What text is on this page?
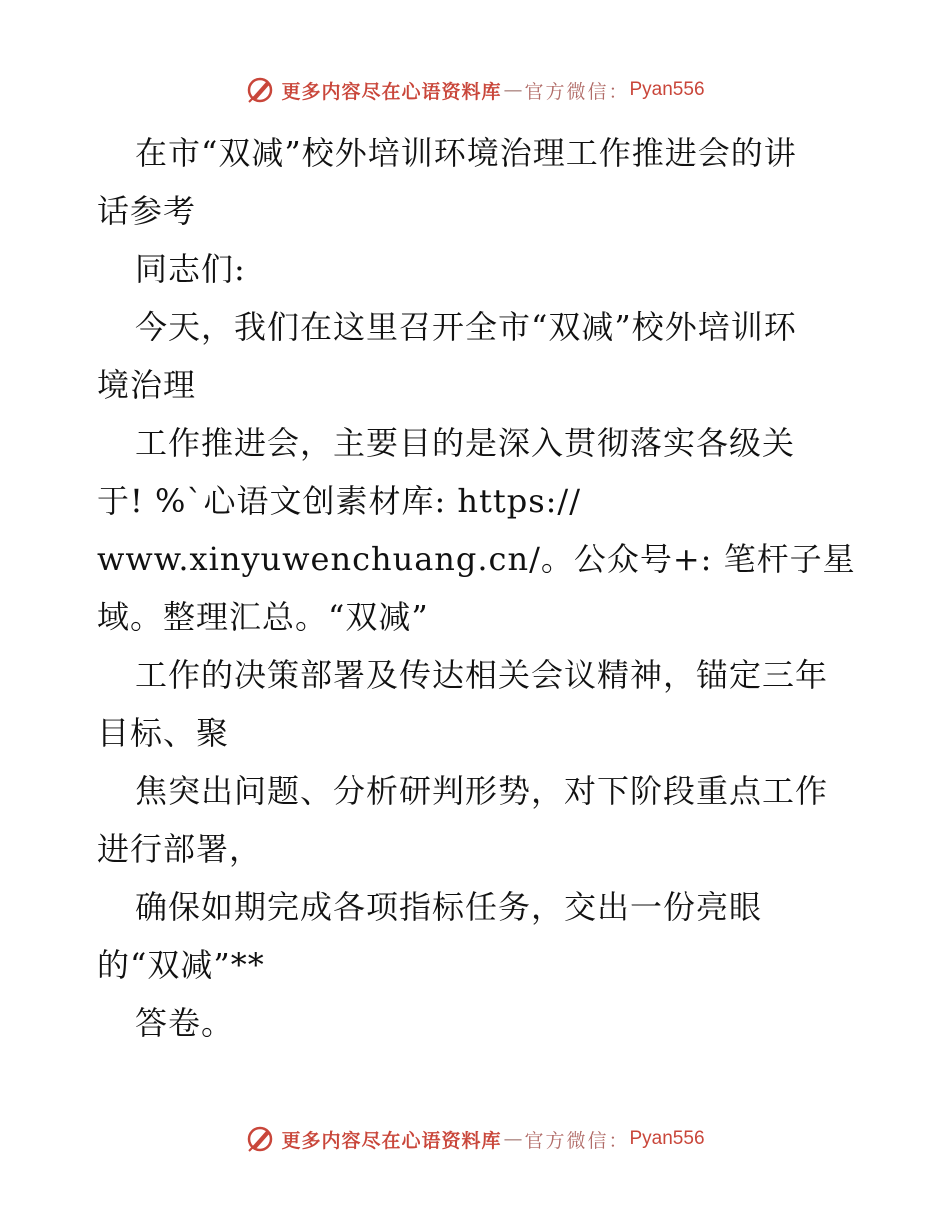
更多内容尽在心语资料库 — 官方微信： Pyan556
在市“双减”校外培训环境治理工作推进会的讲
话参考
同志们:
今天，我们在这里召开全市“双减”校外培训环
境治理
工作推进会，主要目的是深入贯彻落实各级关
于! %`心语文创素材库: https://
www.xinyuwenchuang.cn/。公众号+: 笔杆子星
域。整理汇总。“双减”
工作的决策部署及传达相关会议精神，锚定三年
目标、聚
焦突出问题、分析研判形势，对下阶段重点工作
进行部署，
确保如期完成各项指标任务，交出一份亮眼
的“双减”**
答卷。
更多内容尽在心语资料库 — 官方微信： Pyan556
